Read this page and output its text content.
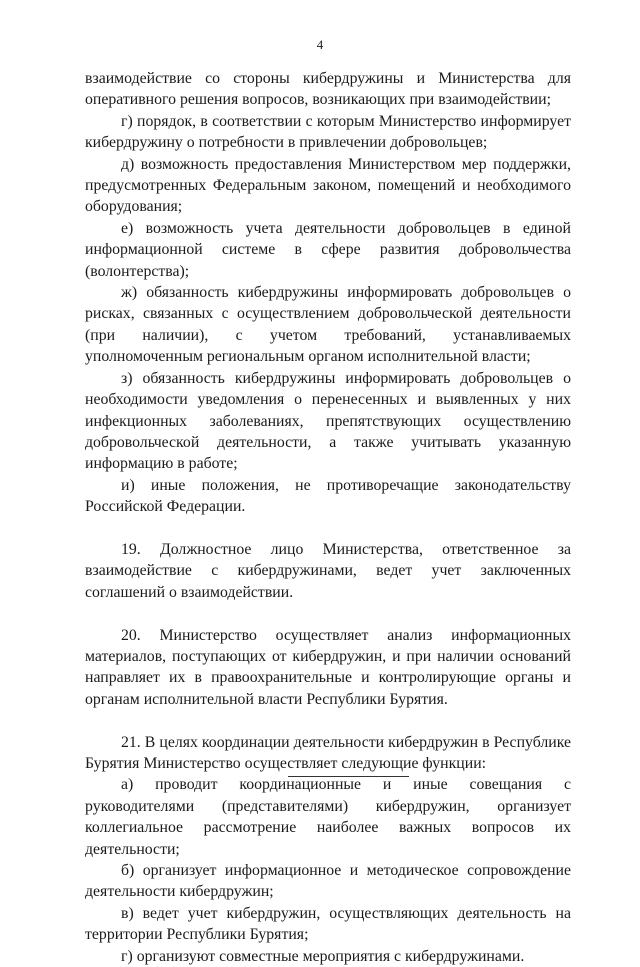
4

взаимодействие со стороны кибердружины и Министерства для оперативного решения вопросов, возникающих при взаимодействии;

г) порядок, в соответствии с которым Министерство информирует кибердружину о потребности в привлечении добровольцев;

д) возможность предоставления Министерством мер поддержки, предусмотренных Федеральным законом, помещений и необходимого оборудования;

е) возможность учета деятельности добровольцев в единой информационной системе в сфере развития добровольчества (волонтерства);

ж) обязанность кибердружины информировать добровольцев о рисках, связанных с осуществлением добровольческой деятельности (при наличии), с учетом требований, устанавливаемых уполномоченным региональным органом исполнительной власти;

з) обязанность кибердружины информировать добровольцев о необходимости уведомления о перенесенных и выявленных у них инфекционных заболеваниях, препятствующих осуществлению добровольческой деятельности, а также учитывать указанную информацию в работе;

и) иные положения, не противоречащие законодательству Российской Федерации.

19. Должностное лицо Министерства, ответственное за взаимодействие с кибердружинами, ведет учет заключенных соглашений о взаимодействии.

20. Министерство осуществляет анализ информационных материалов, поступающих от кибердружин, и при наличии оснований направляет их в правоохранительные и контролирующие органы и органам исполнительной власти Республики Бурятия.

21. В целях координации деятельности кибердружин в Республике Бурятия Министерство осуществляет следующие функции:

а) проводит координационные и иные совещания с руководителями (представителями) кибердружин, организует коллегиальное рассмотрение наиболее важных вопросов их деятельности;

б) организует информационное и методическое сопровождение деятельности кибердружин;

в) ведет учет кибердружин, осуществляющих деятельность на территории Республики Бурятия;

г) организуют совместные мероприятия с кибердружинами.
